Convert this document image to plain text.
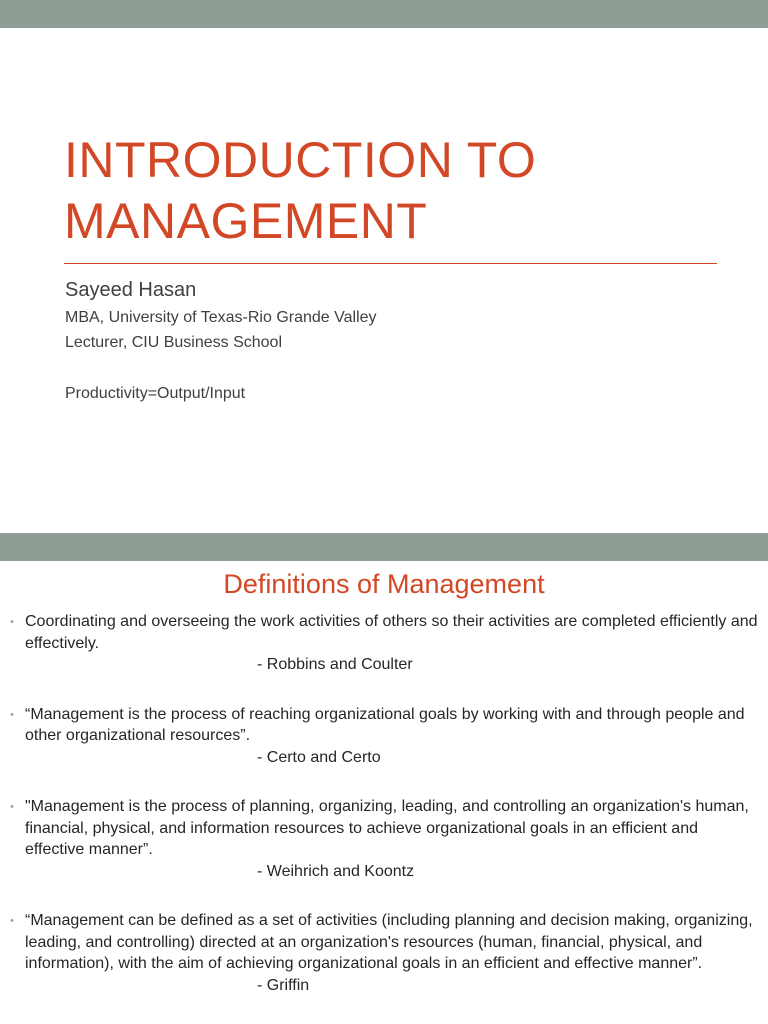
INTRODUCTION TO
MANAGEMENT

Sayeed Hasan

MBA, University of Texas-Rio Grande Valley

Lecturer, CIU Business School

Productivity=Output/Input

Definitions of Management
• Coordinating and overseeing the work activities of others so their activities are completed efficiently and effectively.
- Robbins and Coulter
• “Management is the process of reaching organizational goals by working with and through people and other organizational resources”.
- Certo and Certo
• "Management is the process of planning, organizing, leading, and controlling an organization's human, financial, physical, and information resources to achieve organizational goals in an efficient and effective manner”.
- Weihrich and Koontz
• “Management can be defined as a set of activities (including planning and decision making, organizing, leading, and controlling) directed at an organization's resources (human, financial, physical, and information), with the aim of achieving organizational goals in an efficient and effective manner”.
- Griffin
